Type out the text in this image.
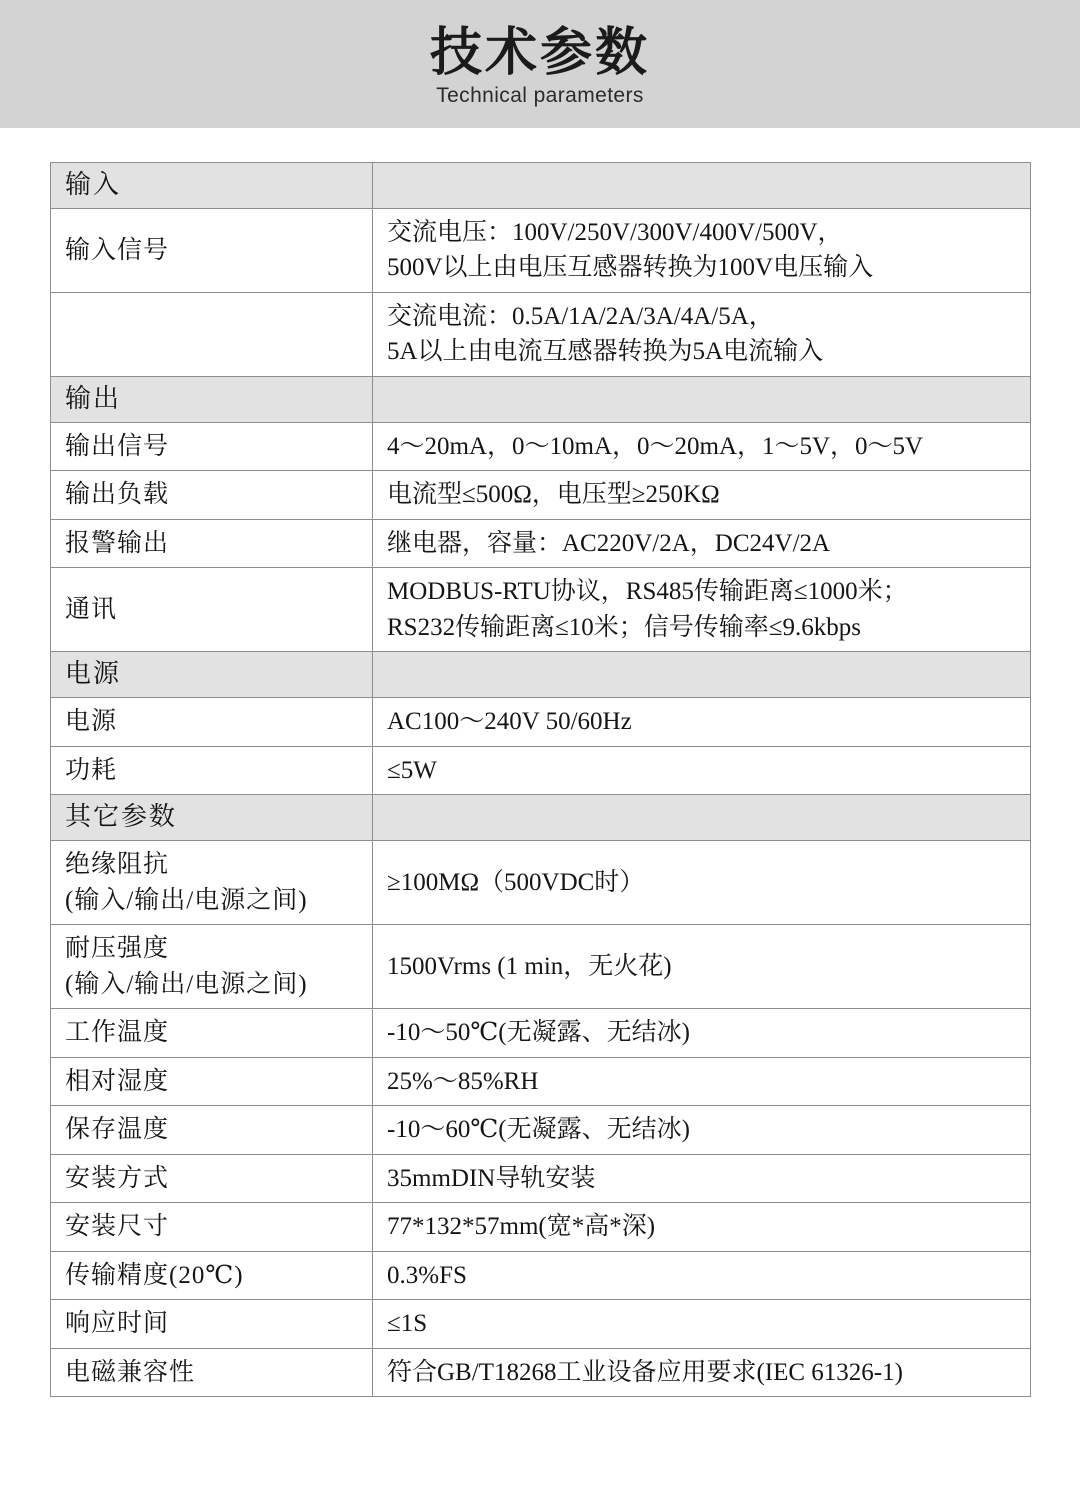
技术参数
Technical parameters
输入	
输入信号	交流电压：100V/250V/300V/400V/500V，
500V以上由电压互感器转换为100V电压输入

	交流电流：0.5A/1A/2A/3A/4A/5A，
5A以上由电流互感器转换为5A电流输入

输出	
输出信号	4～20mA，0～10mA，0～20mA，1～5V，0～5V
输出负载	电流型≤500Ω，电压型≥250KΩ
报警输出	继电器，容量：AC220V/2A，DC24V/2A
通讯	MODBUS-RTU协议，RS485传输距离≤1000米；
RS232传输距离≤10米；信号传输率≤9.6kbps

电源	
电源	AC100～240V 50/60Hz
功耗	≤5W
其它参数	

绝缘阻抗
(输入/输出/电源之间)	≥100MΩ（500VDC时）

耐压强度
(输入/输出/电源之间)	1500Vrms (1 min，无火花)
工作温度	-10～50℃(无凝露、无结冰)
相对湿度	25%～85%RH
保存温度	-10～60℃(无凝露、无结冰)
安装方式	35mmDIN导轨安装
安装尺寸	77*132*57mm(宽*高*深)
传输精度(20℃)	0.3%FS
响应时间	≤1S
电磁兼容性	符合GB/T18268工业设备应用要求(IEC 61326-1)
